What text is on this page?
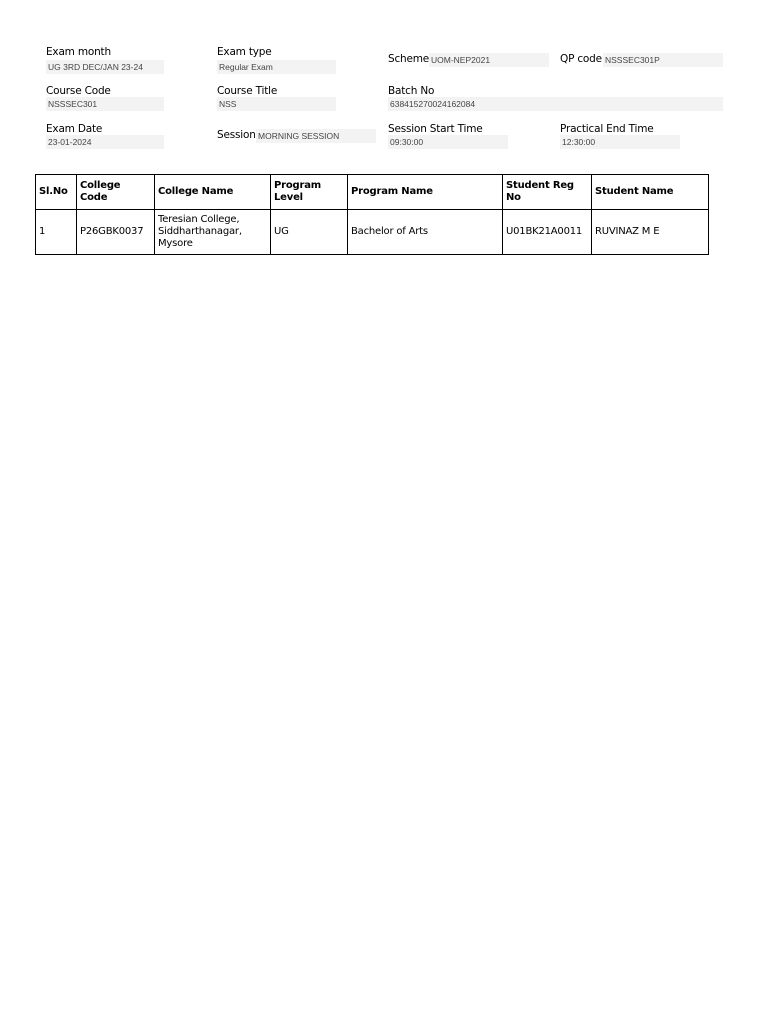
Exam month
UG 3RD DEC/JAN 23-24
Exam type
Regular Exam
Scheme UOM-NEP2021	QP code NSSSEC301P
Course Code
NSSSEC301
Course Title
NSS
Batch No
638415270024162084
Exam Date
23-01-2024
Session MORNING SESSION
Session Start Time
09:30:00
Practical End Time
12:30:00
Sl.No	College Code	College Name	Program Level	Program Name	Student Reg No	Student Name
1	P26GBK0037	Teresian College, Siddharthanagar, Mysore	UG	Bachelor of Arts	U01BK21A0011	RUVINAZ M E
